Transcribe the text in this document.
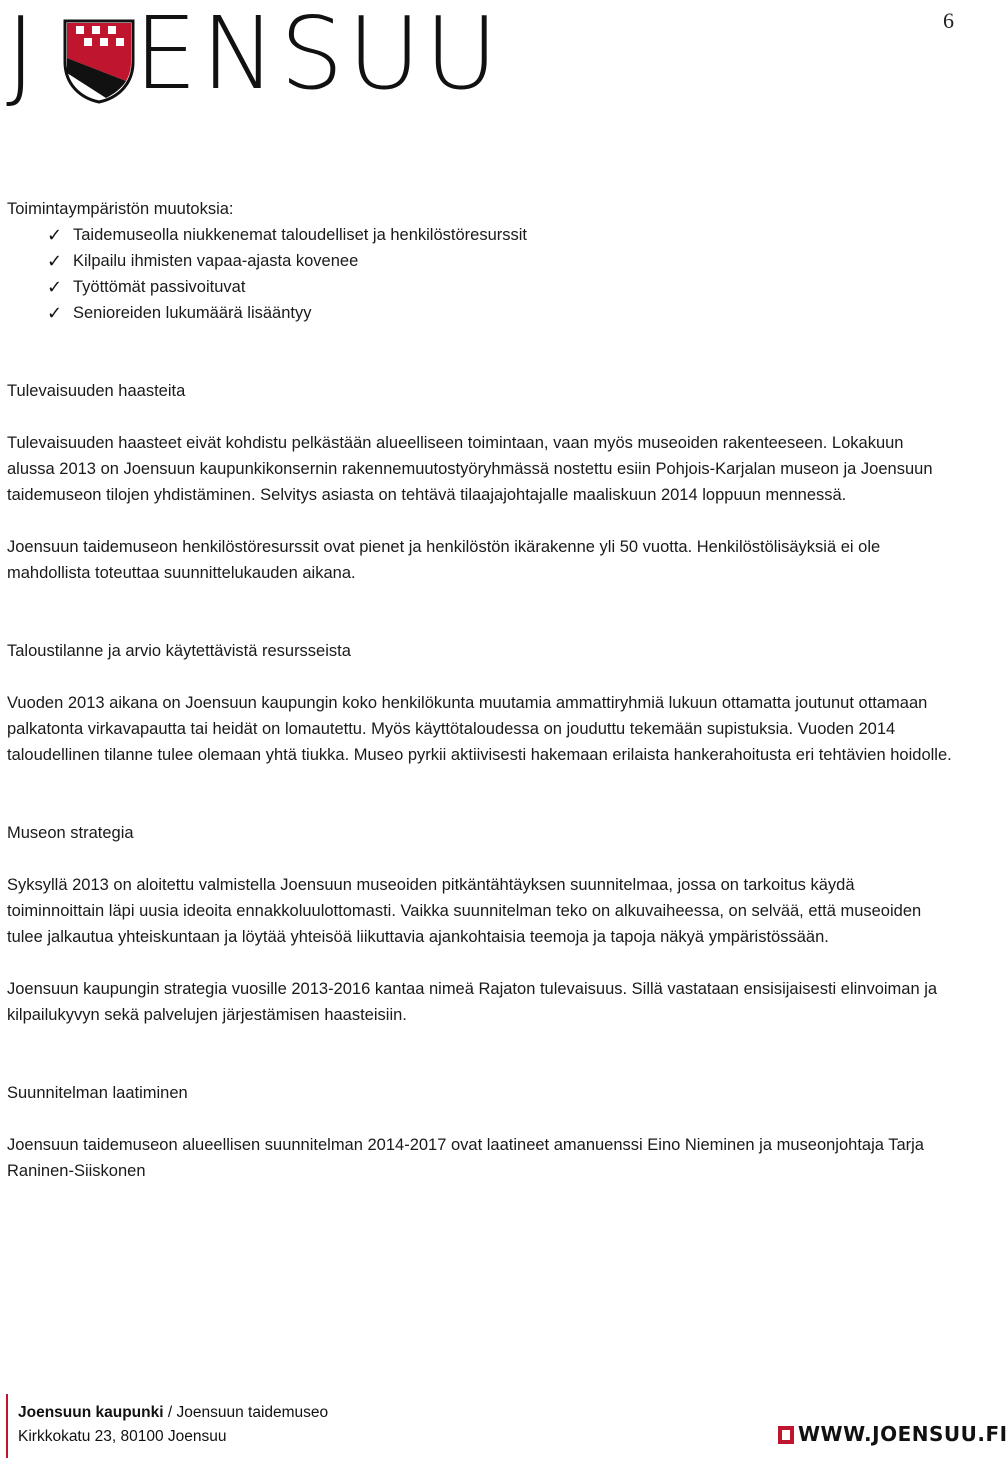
6
J ENSUU

Toimintaympäristön muutoksia:

✓ Taidemuseolla niukkenemat taloudelliset ja henkilöstöresurssit
✓ Kilpailu ihmisten vapaa-ajasta kovenee
✓ Työttömät passivoituvat
✓ Senioreiden lukumäärä lisääntyy

Tulevaisuuden haasteita

Tulevaisuuden haasteet eivät kohdistu pelkästään alueelliseen toimintaan, vaan myös museoiden rakenteeseen. Lokakuun alussa 2013 on Joensuun kaupunkikonsernin rakennemuutostyöryhmässä nostettu esiin Pohjois-Karjalan museon ja Joensuun taidemuseon tilojen yhdistäminen. Selvitys asiasta on tehtävä tilaajajohtajalle maaliskuun 2014 loppuun mennessä.

Joensuun taidemuseon henkilöstöresurssit ovat pienet ja henkilöstön ikärakenne yli 50 vuotta. Henkilöstölisäyksiä ei ole mahdollista toteuttaa suunnittelukauden aikana.

Taloustilanne ja arvio käytettävistä resursseista

Vuoden 2013 aikana on Joensuun kaupungin koko henkilökunta muutamia ammattiryhmiä lukuun ottamatta joutunut ottamaan palkatonta virkavapautta tai heidät on lomautettu. Myös käyttötaloudessa on jouduttu tekemään supistuksia. Vuoden 2014 taloudellinen tilanne tulee olemaan yhtä tiukka. Museo pyrkii aktiivisesti hakemaan erilaista hankerahoitusta eri tehtävien hoidolle.

Museon strategia

Syksyllä 2013 on aloitettu valmistella Joensuun museoiden pitkäntähtäyksen suunnitelmaa, jossa on tarkoitus käydä toiminnoittain läpi uusia ideoita ennakkoluulottomasti. Vaikka suunnitelman teko on alkuvaiheessa, on selvää, että museoiden tulee jalkautua yhteiskuntaan ja löytää yhteisöä liikuttavia ajankohtaisia teemoja ja tapoja näkyä ympäristössään.

Joensuun kaupungin strategia vuosille 2013-2016 kantaa nimeä Rajaton tulevaisuus. Sillä vastataan ensisijaisesti elinvoiman ja kilpailukyvyn sekä palvelujen järjestämisen haasteisiin.

Suunnitelman laatiminen

Joensuun taidemuseon alueellisen suunnitelman 2014-2017 ovat laatineet amanuenssi Eino Nieminen ja museonjohtaja Tarja Raninen-Siiskonen

Joensuun kaupunki / Joensuun taidemuseo
Kirkkokatu 23, 80100 Joensuu	WWW.JOENSUU.FI
